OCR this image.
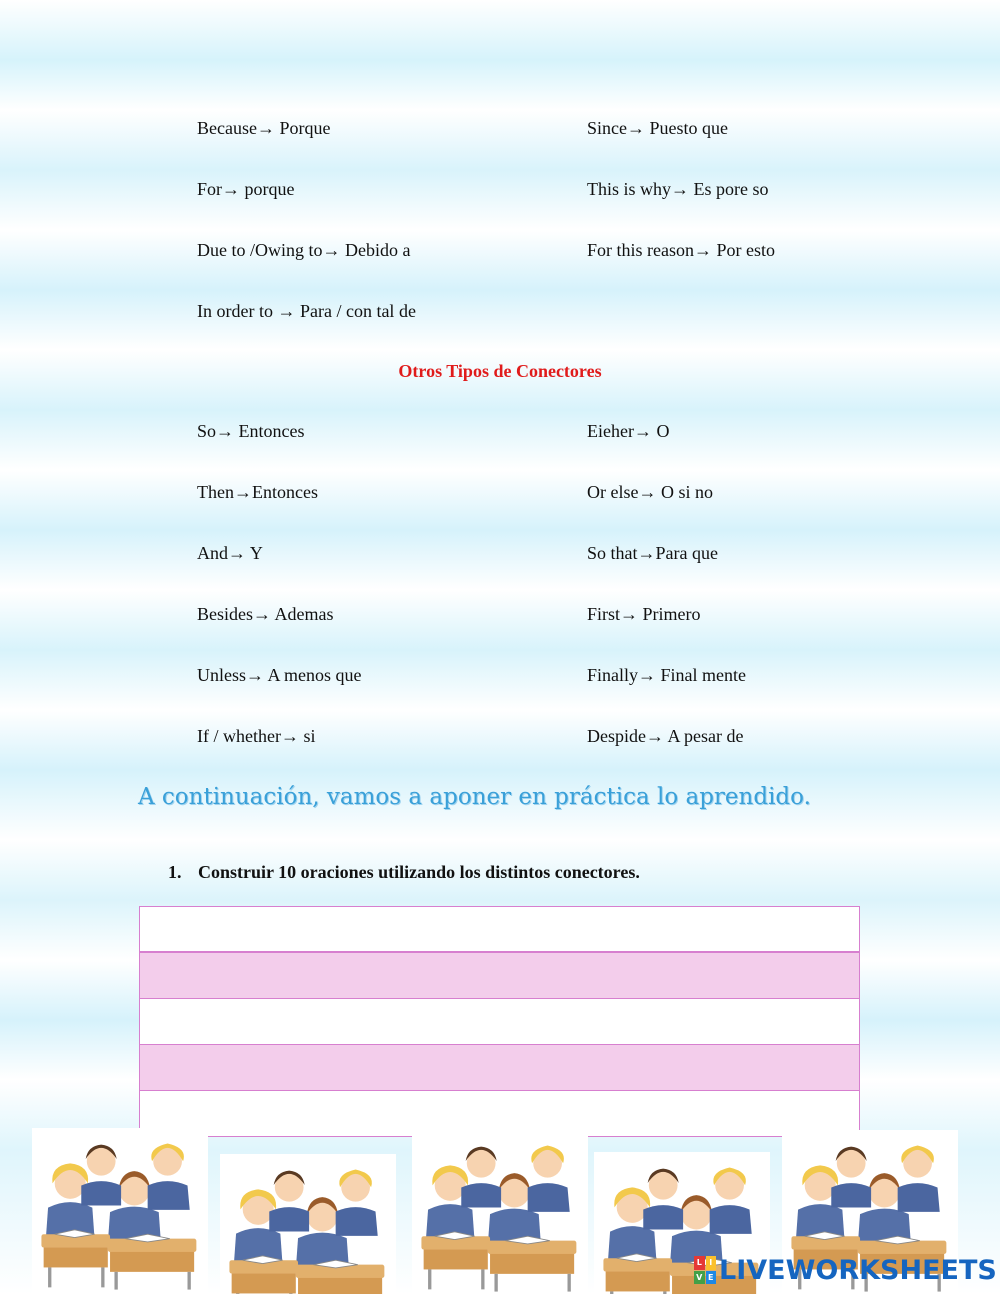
Because→ Porque
For→ porque
Due to /Owing to→ Debido a
In order to → Para / con tal de
Since→ Puesto que
This is why→ Es pore so
For this reason→ Por esto
Otros Tipos de Conectores
So→ Entonces
Then→Entonces
And→ Y
Besides→ Ademas
Unless→ A menos que
If / whether→ si
Eieher→ O
Or else→ O si no
So that→Para que
First→ Primero
Finally→ Final mente
Despide→ A pesar de
A continuación, vamos a aponer en práctica lo aprendido.
1. Construir 10 oraciones utilizando los distintos conectores.
L I
V E LIVEWORKSHEETS
